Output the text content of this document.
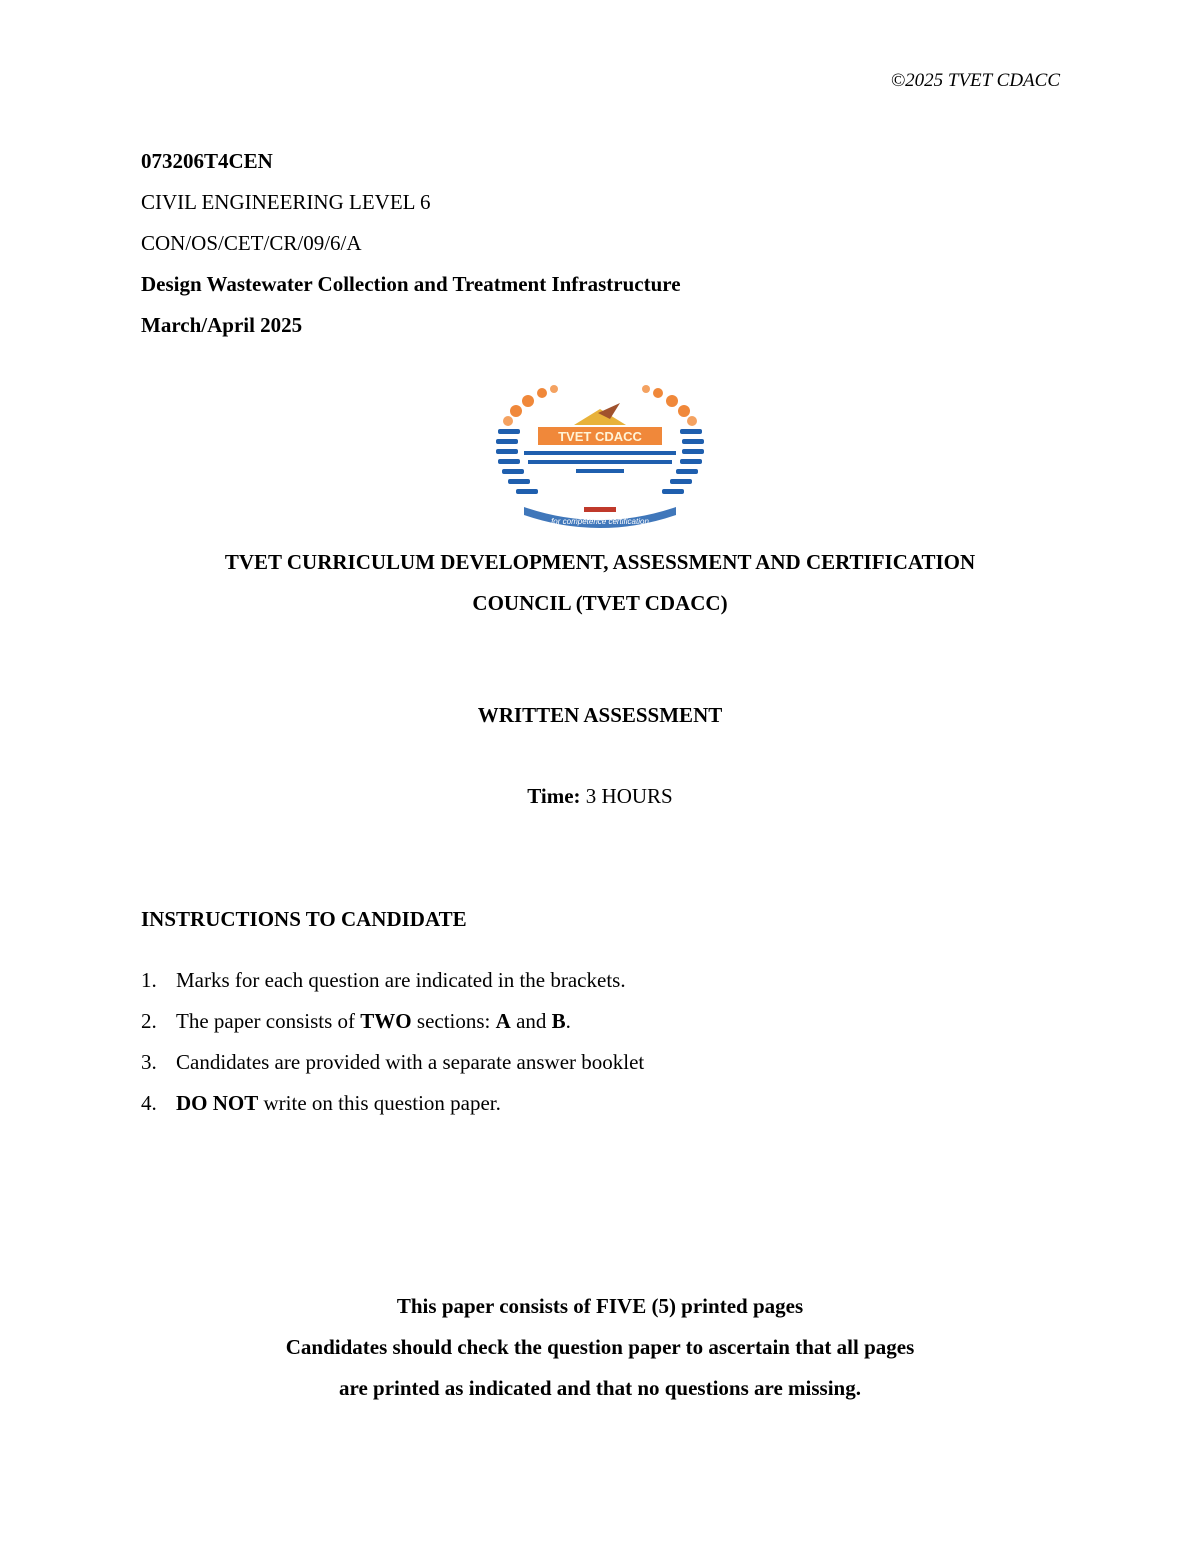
©2025 TVET CDACC
073206T4CEN
CIVIL ENGINEERING LEVEL 6
CON/OS/CET/CR/09/6/A
Design Wastewater Collection and Treatment Infrastructure
March/April 2025
TVET CDACC
for competence certification
TVET CURRICULUM DEVELOPMENT, ASSESSMENT AND CERTIFICATION
COUNCIL (TVET CDACC)
WRITTEN ASSESSMENT
Time: 3 HOURS
INSTRUCTIONS TO CANDIDATE
1. Marks for each question are indicated in the brackets.
2. The paper consists of TWO sections: A and B.
3. Candidates are provided with a separate answer booklet
4. DO NOT write on this question paper.
This paper consists of FIVE (5) printed pages
Candidates should check the question paper to ascertain that all pages
are printed as indicated and that no questions are missing.
